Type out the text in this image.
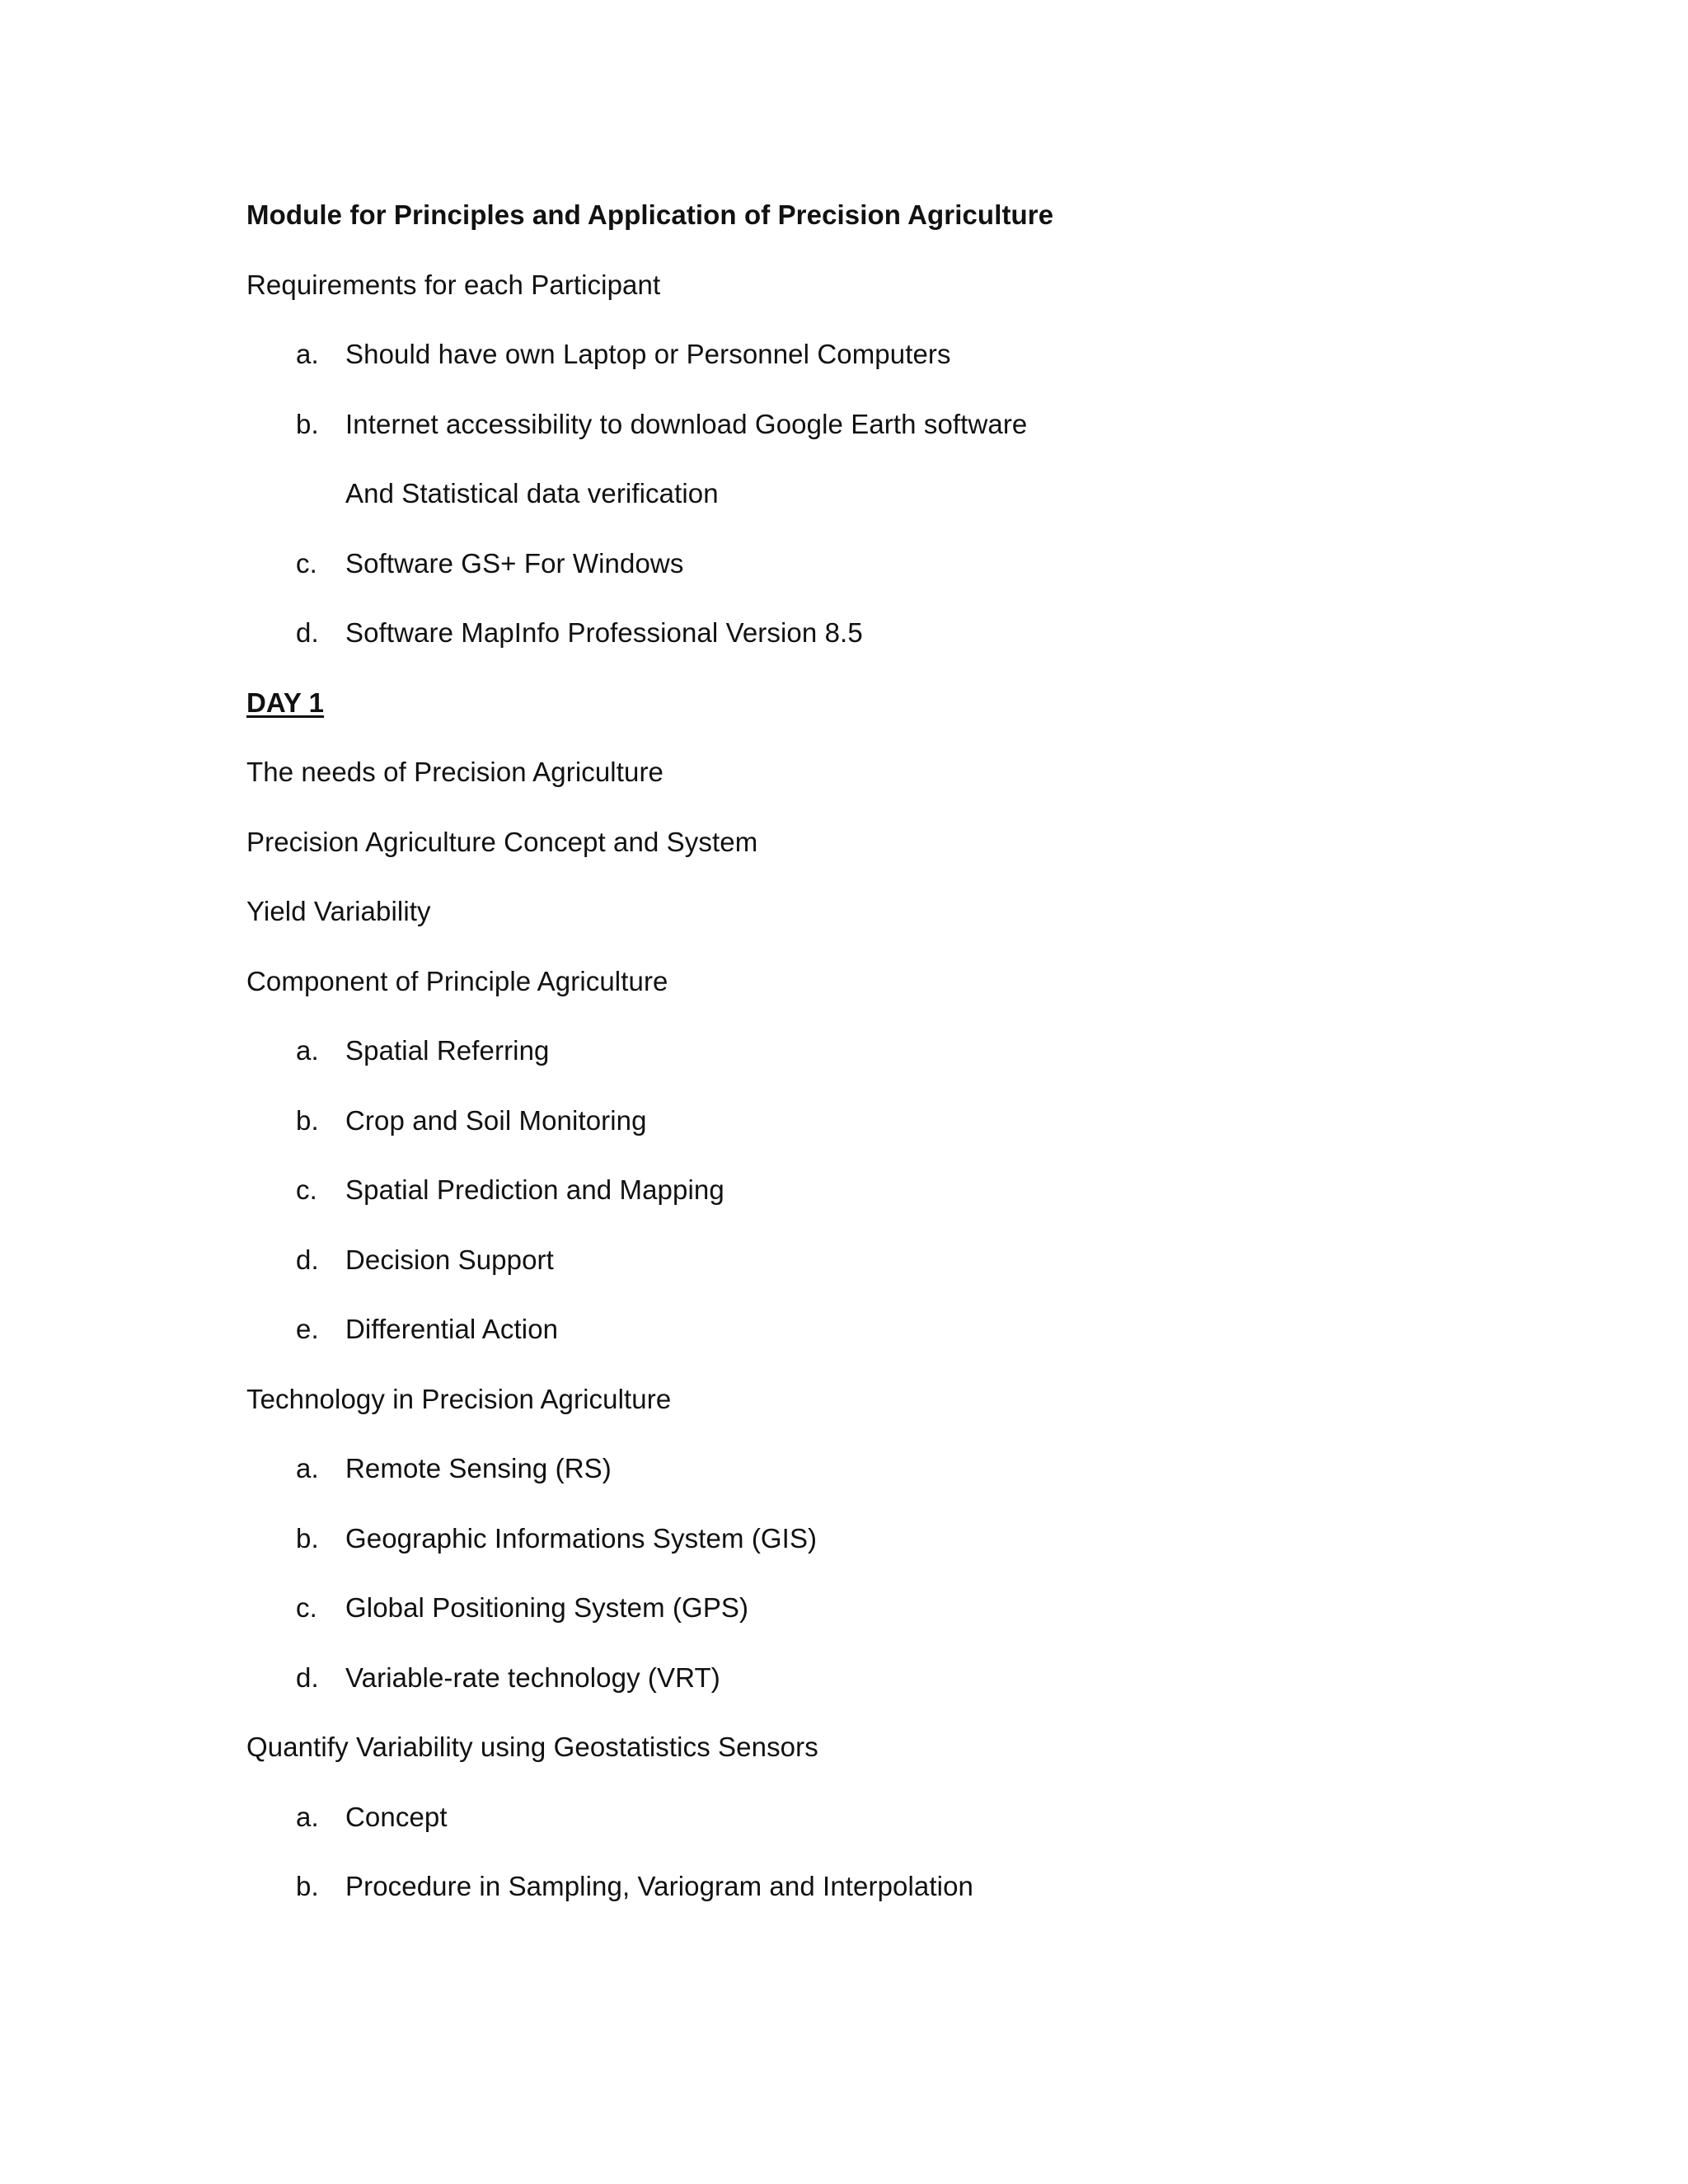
Module for Principles and Application of Precision Agriculture
Requirements for each Participant
a. Should have own Laptop or Personnel Computers
b. Internet accessibility to download Google Earth software
And Statistical data verification
c.	Software GS+ For Windows
d. Software MapInfo Professional Version 8.5
DAY 1
The needs of Precision Agriculture
Precision Agriculture Concept and System
Yield Variability
Component of Principle Agriculture
a. Spatial Referring
b. Crop and Soil Monitoring
c.	Spatial Prediction and Mapping
d. Decision Support
e. Differential Action
Technology in Precision Agriculture
a. Remote Sensing (RS)
b. Geographic Informations System (GIS)
c.	Global Positioning System (GPS)
d. Variable-rate technology (VRT)
Quantify Variability using Geostatistics Sensors
a. Concept
b. Procedure in Sampling, Variogram and Interpolation
